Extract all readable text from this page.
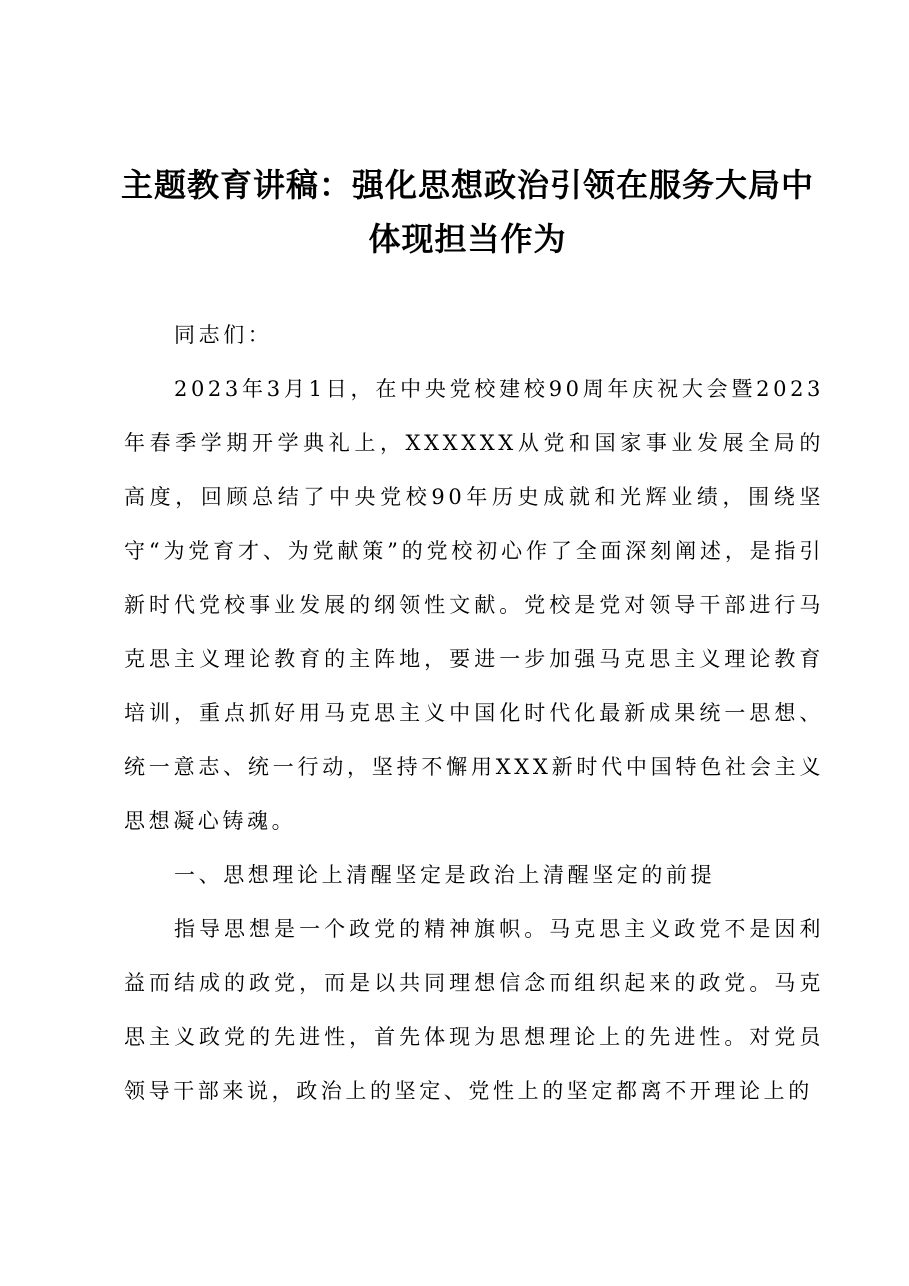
主题教育讲稿：强化思想政治引领在服务大局中
体现担当作为

同志们：

2023年3月1日，在中央党校建校90周年庆祝大会暨2023年春季学期开学典礼上，XXXXXX从党和国家事业发展全局的高度，回顾总结了中央党校90年历史成就和光辉业绩，围绕坚守“为党育才、为党献策”的党校初心作了全面深刻阐述，是指引新时代党校事业发展的纲领性文献。党校是党对领导干部进行马克思主义理论教育的主阵地，要进一步加强马克思主义理论教育培训，重点抓好用马克思主义中国化时代化最新成果统一思想、统一意志、统一行动，坚持不懈用XXX新时代中国特色社会主义思想凝心铸魂。

一、思想理论上清醒坚定是政治上清醒坚定的前提

指导思想是一个政党的精神旗帜。马克思主义政党不是因利益而结成的政党，而是以共同理想信念而组织起来的政党。马克思主义政党的先进性，首先体现为思想理论上的先进性。对党员领导干部来说，政治上的坚定、党性上的坚定都离不开理论上的
